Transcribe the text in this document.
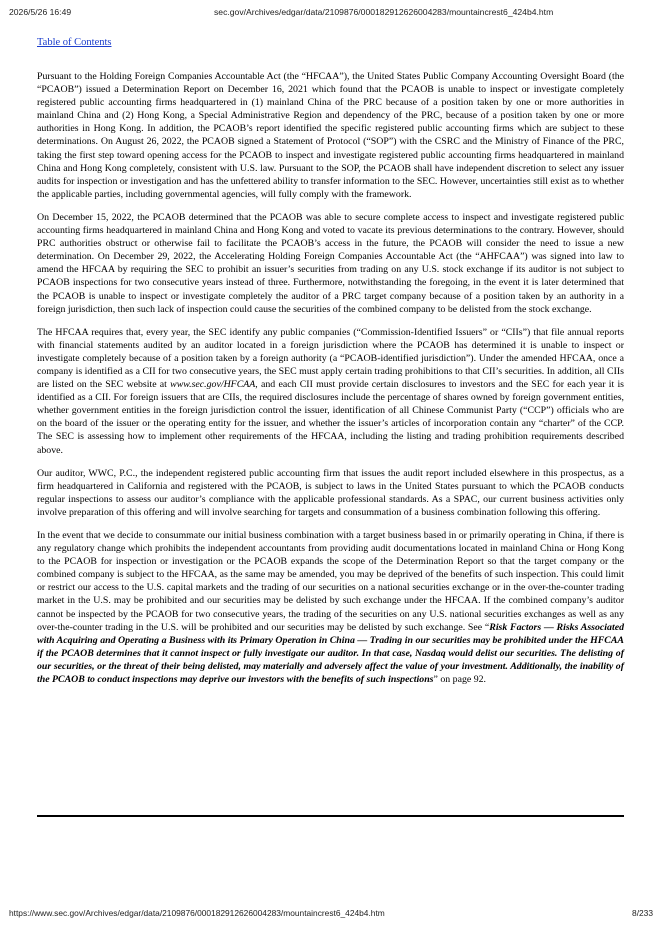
2026/5/26 16:49	sec.gov/Archives/edgar/data/2109876/000182912626004283/mountaincrest6_424b4.htm
Table of Contents

Pursuant to the Holding Foreign Companies Accountable Act (the “HFCAA”), the United States Public Company Accounting Oversight Board (the “PCAOB”) issued a Determination Report on December 16, 2021 which found that the PCAOB is unable to inspect or investigate completely registered public accounting firms headquartered in (1) mainland China of the PRC because of a position taken by one or more authorities in mainland China and (2) Hong Kong, a Special Administrative Region and dependency of the PRC, because of a position taken by one or more authorities in Hong Kong. In addition, the PCAOB’s report identified the specific registered public accounting firms which are subject to these determinations. On August 26, 2022, the PCAOB signed a Statement of Protocol (“SOP”) with the CSRC and the Ministry of Finance of the PRC, taking the first step toward opening access for the PCAOB to inspect and investigate registered public accounting firms headquartered in mainland China and Hong Kong completely, consistent with U.S. law. Pursuant to the SOP, the PCAOB shall have independent discretion to select any issuer audits for inspection or investigation and has the unfettered ability to transfer information to the SEC. However, uncertainties still exist as to whether the applicable parties, including governmental agencies, will fully comply with the framework.

On December 15, 2022, the PCAOB determined that the PCAOB was able to secure complete access to inspect and investigate registered public accounting firms headquartered in mainland China and Hong Kong and voted to vacate its previous determinations to the contrary. However, should PRC authorities obstruct or otherwise fail to facilitate the PCAOB’s access in the future, the PCAOB will consider the need to issue a new determination. On December 29, 2022, the Accelerating Holding Foreign Companies Accountable Act (the “AHFCAA”) was signed into law to amend the HFCAA by requiring the SEC to prohibit an issuer’s securities from trading on any U.S. stock exchange if its auditor is not subject to PCAOB inspections for two consecutive years instead of three. Furthermore, notwithstanding the foregoing, in the event it is later determined that the PCAOB is unable to inspect or investigate completely the auditor of a PRC target company because of a position taken by an authority in a foreign jurisdiction, then such lack of inspection could cause the securities of the combined company to be delisted from the stock exchange.

The HFCAA requires that, every year, the SEC identify any public companies (“Commission-Identified Issuers” or “CIIs”) that file annual reports with financial statements audited by an auditor located in a foreign jurisdiction where the PCAOB has determined it is unable to inspect or investigate completely because of a position taken by a foreign authority (a “PCAOB-identified jurisdiction”). Under the amended HFCAA, once a company is identified as a CII for two consecutive years, the SEC must apply certain trading prohibitions to that CII’s securities. In addition, all CIIs are listed on the SEC website at www.sec.gov/HFCAA, and each CII must provide certain disclosures to investors and the SEC for each year it is identified as a CII. For foreign issuers that are CIIs, the required disclosures include the percentage of shares owned by foreign government entities, whether government entities in the foreign jurisdiction control the issuer, identification of all Chinese Communist Party (“CCP”) officials who are on the board of the issuer or the operating entity for the issuer, and whether the issuer’s articles of incorporation contain any “charter” of the CCP. The SEC is assessing how to implement other requirements of the HFCAA, including the listing and trading prohibition requirements described above.

Our auditor, WWC, P.C., the independent registered public accounting firm that issues the audit report included elsewhere in this prospectus, as a firm headquartered in California and registered with the PCAOB, is subject to laws in the United States pursuant to which the PCAOB conducts regular inspections to assess our auditor’s compliance with the applicable professional standards. As a SPAC, our current business activities only involve preparation of this offering and will involve searching for targets and consummation of a business combination following this offering.

In the event that we decide to consummate our initial business combination with a target business based in or primarily operating in China, if there is any regulatory change which prohibits the independent accountants from providing audit documentations located in mainland China or Hong Kong to the PCAOB for inspection or investigation or the PCAOB expands the scope of the Determination Report so that the target company or the combined company is subject to the HFCAA, as the same may be amended, you may be deprived of the benefits of such inspection. This could limit or restrict our access to the U.S. capital markets and the trading of our securities on a national securities exchange or in the over-the-counter trading market in the U.S. may be prohibited and our securities may be delisted by such exchange under the HFCAA. If the combined company’s auditor cannot be inspected by the PCAOB for two consecutive years, the trading of the securities on any U.S. national securities exchanges as well as any over-the-counter trading in the U.S. will be prohibited and our securities may be delisted by such exchange. See “Risk Factors — Risks Associated with Acquiring and Operating a Business with its Primary Operation in China — Trading in our securities may be prohibited under the HFCAA if the PCAOB determines that it cannot inspect or fully investigate our auditor. In that case, Nasdaq would delist our securities. The delisting of our securities, or the threat of their being delisted, may materially and adversely affect the value of your investment. Additionally, the inability of the PCAOB to conduct inspections may deprive our investors with the benefits of such inspections” on page 92.

https://www.sec.gov/Archives/edgar/data/2109876/000182912626004283/mountaincrest6_424b4.htm	8/233
